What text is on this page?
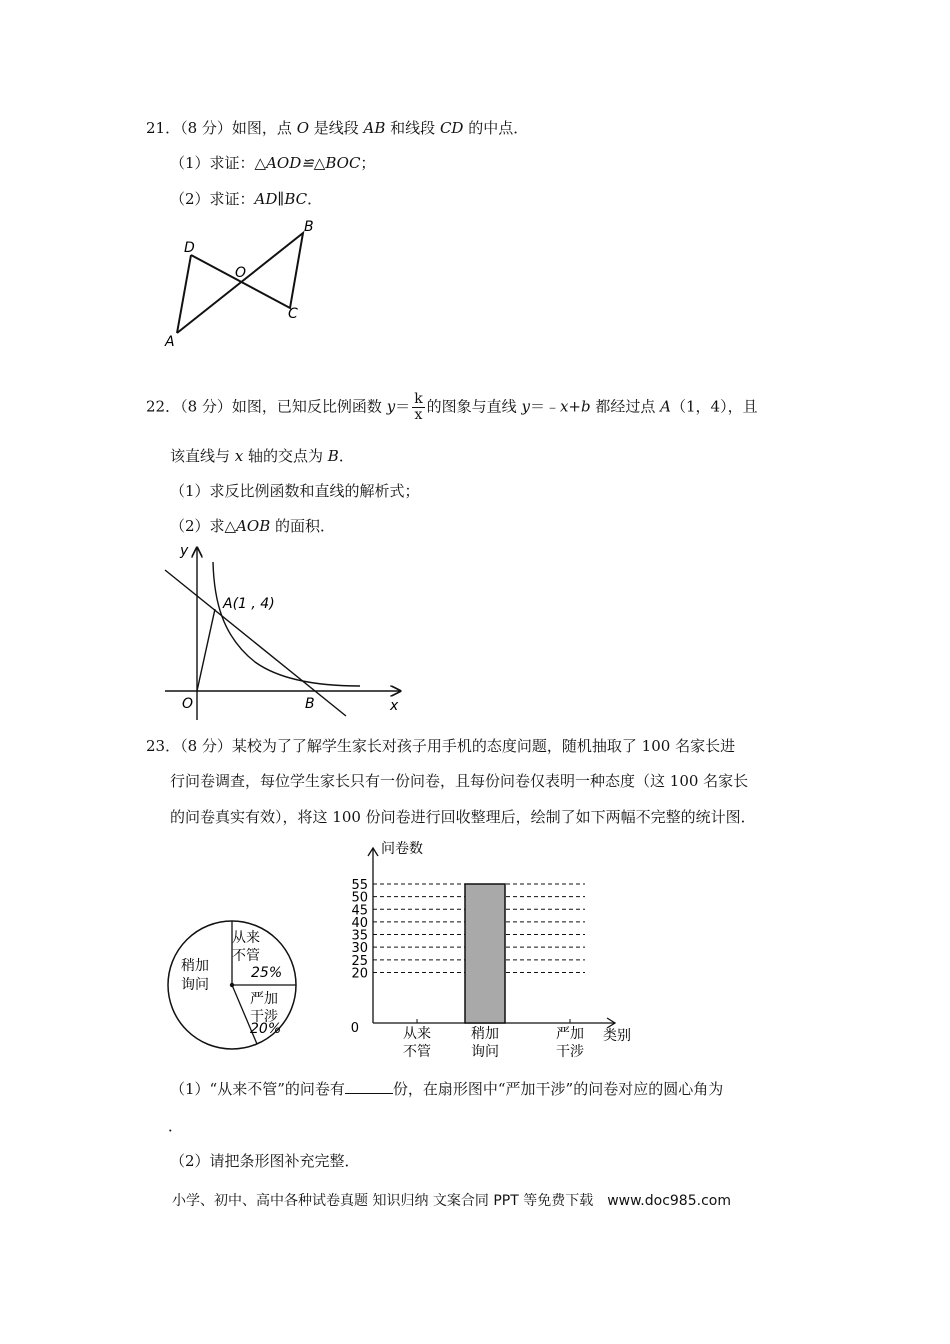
21．（8 分）如图，点 O 是线段 AB 和线段 CD 的中点．
（1）求证：△AOD≌△BOC；
（2）求证：AD∥BC．
D
B
O
C
A
22．（8 分）如图，已知反比例函数 $y= \frac{k}{x}$ 的图象与直线 y＝﹣x+b 都经过点 A（1，4），且
该直线与 x 轴的交点为 B．
（1）求反比例函数和直线的解析式；
（2）求△AOB 的面积．
y
A(1 , 4)
O	B	x
23．（8 分）某校为了了解学生家长对孩子用手机的态度问题，随机抽取了 100 名家长进
行问卷调查，每位学生家长只有一份问卷，且每份问卷仅表明一种态度（这 100 名家长
的问卷真实有效），将这 100 份问卷进行回收整理后，绘制了如下两幅不完整的统计图．
从来
不管
25%
严加
干涉
20%
稍加
询问
20
25
30
35
40
45
50
55
0
问卷数
类别
从来
不管
稍加
询问
严加
干涉
（1）“从来不管”的问卷有	份，在扇形图中“严加干涉”的问卷对应的圆心角为
．
（2）请把条形图补充完整．
小学、初中、高中各种试卷真题 知识归纳 文案合同 PPT 等免费下载　www.doc985.com
